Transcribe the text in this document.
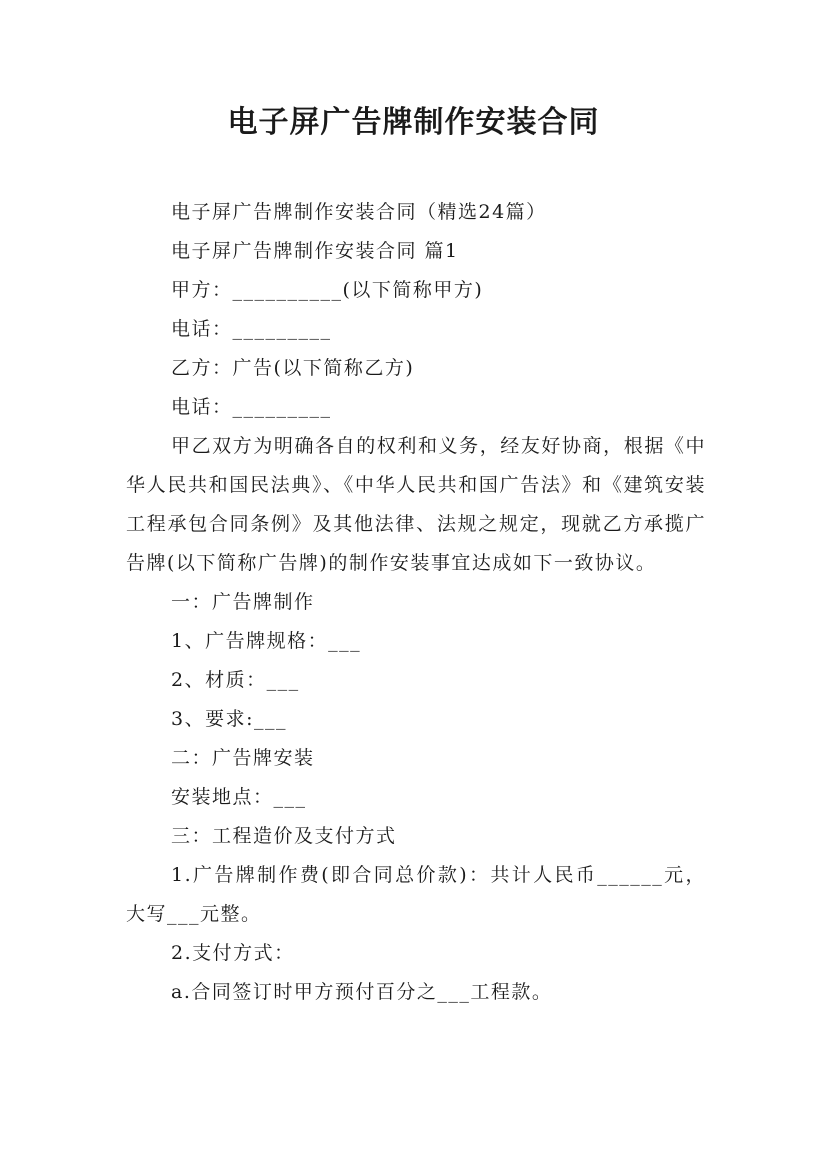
电子屏广告牌制作安装合同

电子屏广告牌制作安装合同（精选24篇）

电子屏广告牌制作安装合同 篇1

甲方：__________(以下简称甲方)

电话：_________

乙方：广告(以下简称乙方)

电话：_________

甲乙双方为明确各自的权利和义务，经友好协商，根据《中华人民共和国民法典》、《中华人民共和国广告法》和《建筑安装工程承包合同条例》及其他法律、法规之规定，现就乙方承揽广告牌(以下简称广告牌)的制作安装事宜达成如下一致协议。

一：广告牌制作

1、广告牌规格：___

2、材质：___

3、要求:___

二：广告牌安装

安装地点：___

三：工程造价及支付方式

1.广告牌制作费(即合同总价款)：共计人民币______元，大写___元整。

2.支付方式：

a.合同签订时甲方预付百分之___工程款。
